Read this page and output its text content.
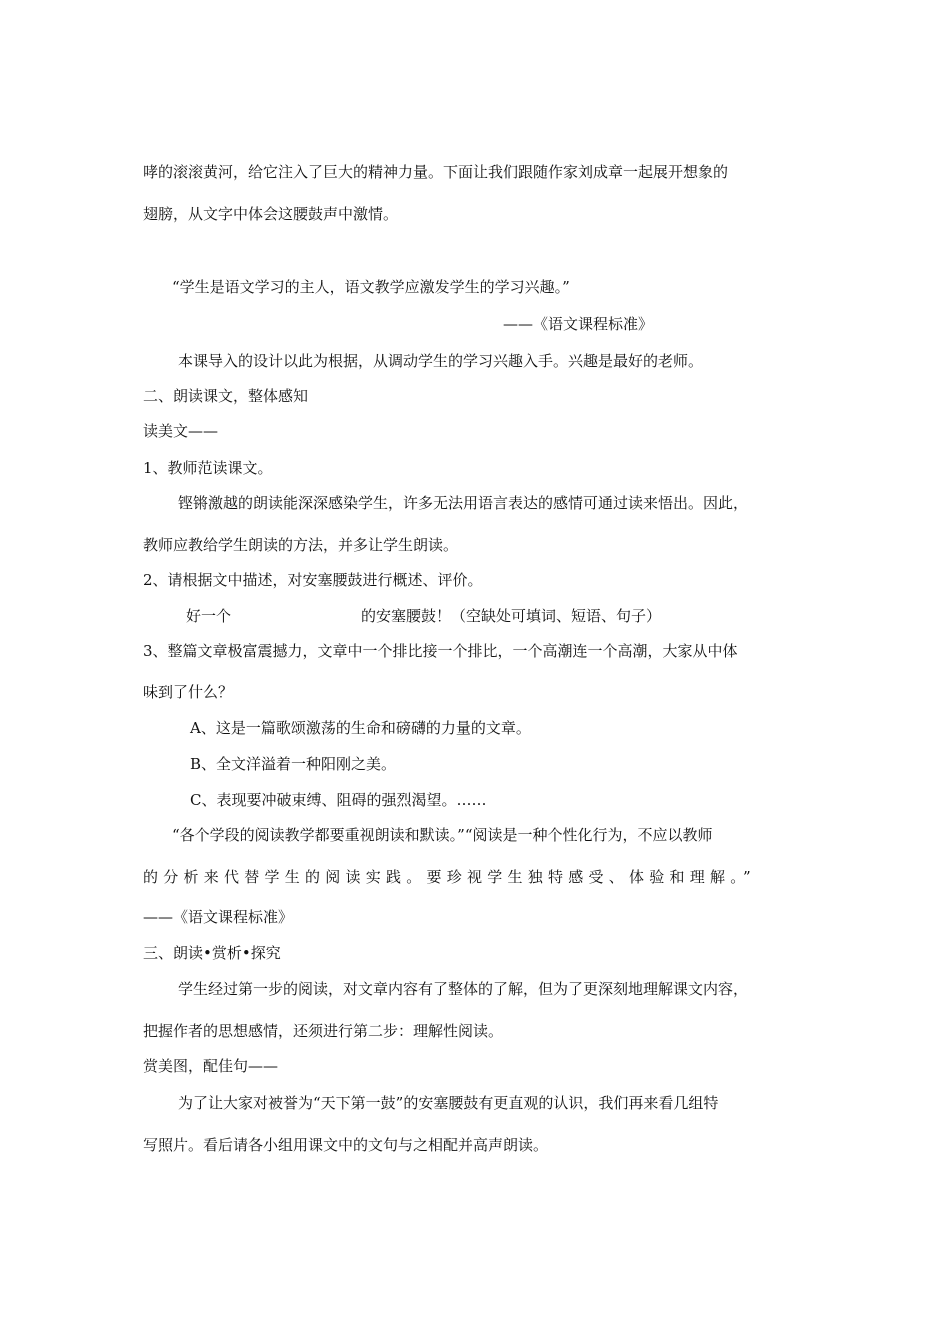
哮的滚滚黄河，给它注入了巨大的精神力量。下面让我们跟随作家刘成章一起展开想象的
翅膀，从文字中体会这腰鼓声中激情。
“学生是语文学习的主人，语文教学应激发学生的学习兴趣。”
——《语文课程标准》
本课导入的设计以此为根据，从调动学生的学习兴趣入手。兴趣是最好的老师。
二、朗读课文，整体感知
读美文——
1、教师范读课文。
铿锵激越的朗读能深深感染学生，许多无法用语言表达的感情可通过读来悟出。因此，
教师应教给学生朗读的方法，并多让学生朗读。
2、请根据文中描述，对安塞腰鼓进行概述、评价。
好一个	的安塞腰鼓！（空缺处可填词、短语、句子）
3、整篇文章极富震撼力，文章中一个排比接一个排比，一个高潮连一个高潮，大家从中体
味到了什么？
A、这是一篇歌颂激荡的生命和磅礴的力量的文章。
B、全文洋溢着一种阳刚之美。
C、表现要冲破束缚、阻碍的强烈渴望。……
“各个学段的阅读教学都要重视朗读和默读。”“阅读是一种个性化行为，不应以教师
的分析来代替学生的阅读实践。要珍视学生独特感受、体验和理解。”
——《语文课程标准》
三、朗读•赏析•探究
学生经过第一步的阅读，对文章内容有了整体的了解，但为了更深刻地理解课文内容，
把握作者的思想感情，还须进行第二步：理解性阅读。
赏美图，配佳句——
为了让大家对被誉为“天下第一鼓”的安塞腰鼓有更直观的认识，我们再来看几组特
写照片。看后请各小组用课文中的文句与之相配并高声朗读。
